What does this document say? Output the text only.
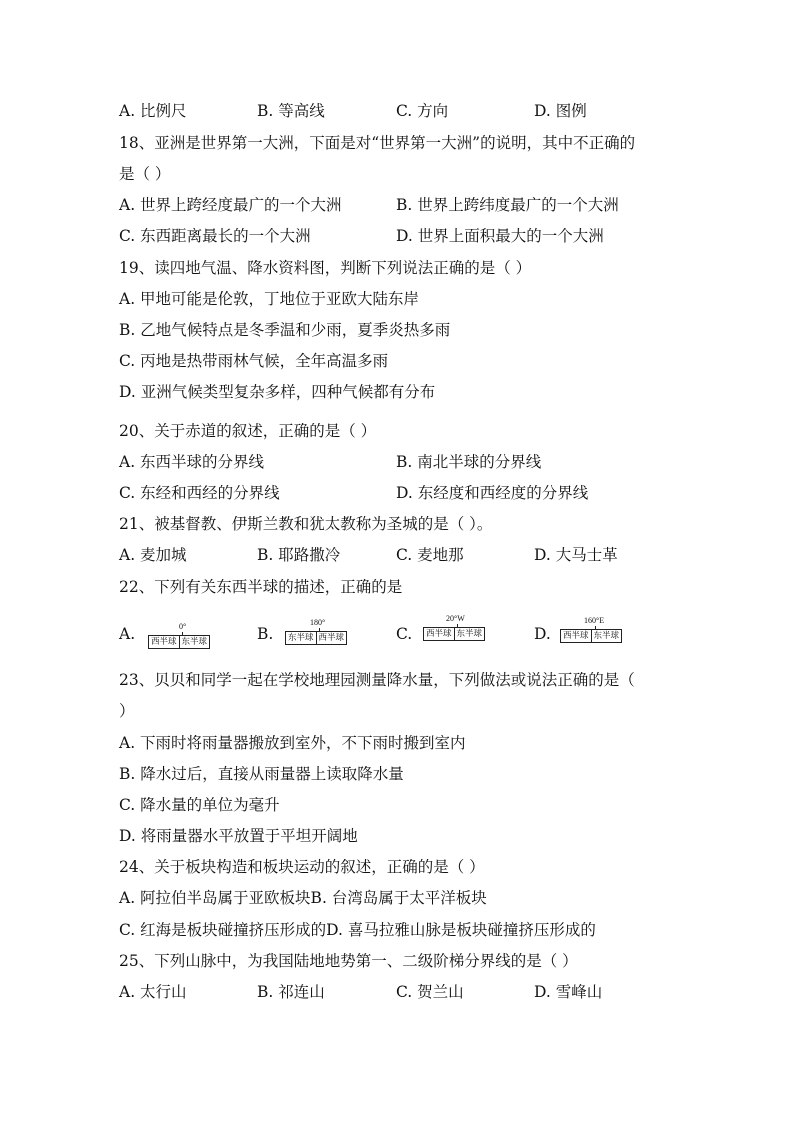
A. 比例尺	B. 等高线	C. 方向	D. 图例
18、亚洲是世界第一大洲，下面是对“世界第一大洲”的说明，其中不正确的
是（ ）
A. 世界上跨经度最广的一个大洲	B. 世界上跨纬度最广的一个大洲
C. 东西距离最长的一个大洲	D. 世界上面积最大的一个大洲
19、读四地气温、降水资料图，判断下列说法正确的是（ ）
A. 甲地可能是伦敦，丁地位于亚欧大陆东岸
B. 乙地气候特点是冬季温和少雨，夏季炎热多雨
C. 丙地是热带雨林气候，全年高温多雨
D. 亚洲气候类型复杂多样，四种气候都有分布
20、关于赤道的叙述，正确的是（ ）
A. 东西半球的分界线	B. 南北半球的分界线
C. 东经和西经的分界线	D. 东经度和西经度的分界线
21、被基督教、伊斯兰教和犹太教称为圣城的是（ ）。
A. 麦加城	B. 耶路撒冷	C. 麦地那	D. 大马士革
22、下列有关东西半球的描述，正确的是
A.	0°
西半球 东半球	B.
180°
东半球 西半球	C.
20°W
西半球 东半球	D.
160°E
西半球 东半球
23、贝贝和同学一起在学校地理园测量降水量，下列做法或说法正确的是（
）
A. 下雨时将雨量器搬放到室外，不下雨时搬到室内
B. 降水过后，直接从雨量器上读取降水量
C. 降水量的单位为毫升
D. 将雨量器水平放置于平坦开阔地
24、关于板块构造和板块运动的叙述，正确的是（ ）
A. 阿拉伯半岛属于亚欧板块B. 台湾岛属于太平洋板块
C. 红海是板块碰撞挤压形成的D. 喜马拉雅山脉是板块碰撞挤压形成的
25、下列山脉中，为我国陆地地势第一、二级阶梯分界线的是（ ）
A. 太行山	B. 祁连山	C. 贺兰山	D. 雪峰山
